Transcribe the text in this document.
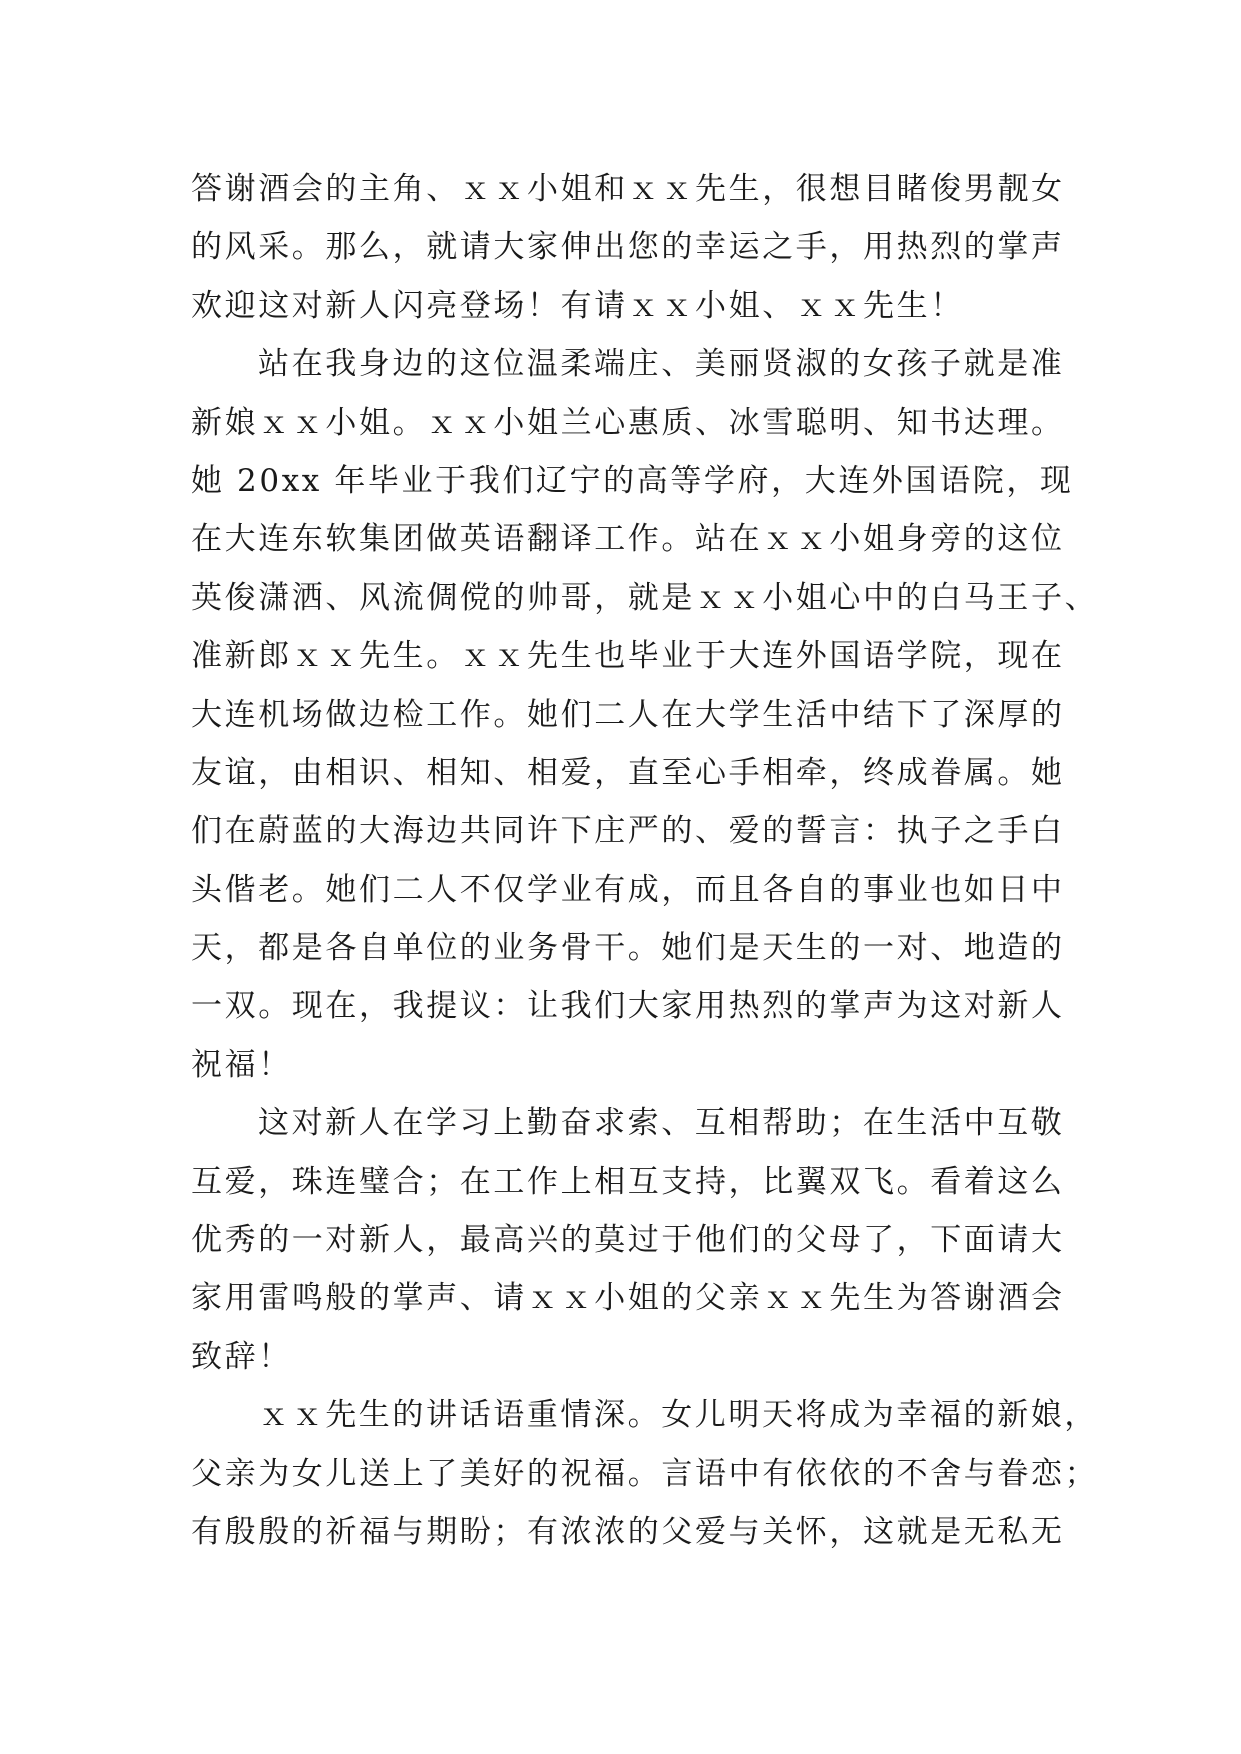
答谢酒会的主角、ｘｘ小姐和ｘｘ先生，很想目睹俊男靓女
的风采。那么，就请大家伸出您的幸运之手，用热烈的掌声
欢迎这对新人闪亮登场！有请ｘｘ小姐、ｘｘ先生！
站在我身边的这位温柔端庄、美丽贤淑的女孩子就是准
新娘ｘｘ小姐。ｘｘ小姐兰心惠质、冰雪聪明、知书达理。
她 20xx 年毕业于我们辽宁的高等学府，大连外国语院，现
在大连东软集团做英语翻译工作。站在ｘｘ小姐身旁的这位
英俊潇洒、风流倜傥的帅哥，就是ｘｘ小姐心中的白马王子、
准新郎ｘｘ先生。ｘｘ先生也毕业于大连外国语学院，现在
大连机场做边检工作。她们二人在大学生活中结下了深厚的
友谊，由相识、相知、相爱，直至心手相牵，终成眷属。她
们在蔚蓝的大海边共同许下庄严的、爱的誓言：执子之手白
头偕老。她们二人不仅学业有成，而且各自的事业也如日中
天，都是各自单位的业务骨干。她们是天生的一对、地造的
一双。现在，我提议：让我们大家用热烈的掌声为这对新人
祝福！
这对新人在学习上勤奋求索、互相帮助；在生活中互敬
互爱，珠连璧合；在工作上相互支持，比翼双飞。看着这么
优秀的一对新人，最高兴的莫过于他们的父母了，下面请大
家用雷鸣般的掌声、请ｘｘ小姐的父亲ｘｘ先生为答谢酒会
致辞！
ｘｘ先生的讲话语重情深。女儿明天将成为幸福的新娘，
父亲为女儿送上了美好的祝福。言语中有依依的不舍与眷恋；
有殷殷的祈福与期盼；有浓浓的父爱与关怀，这就是无私无
